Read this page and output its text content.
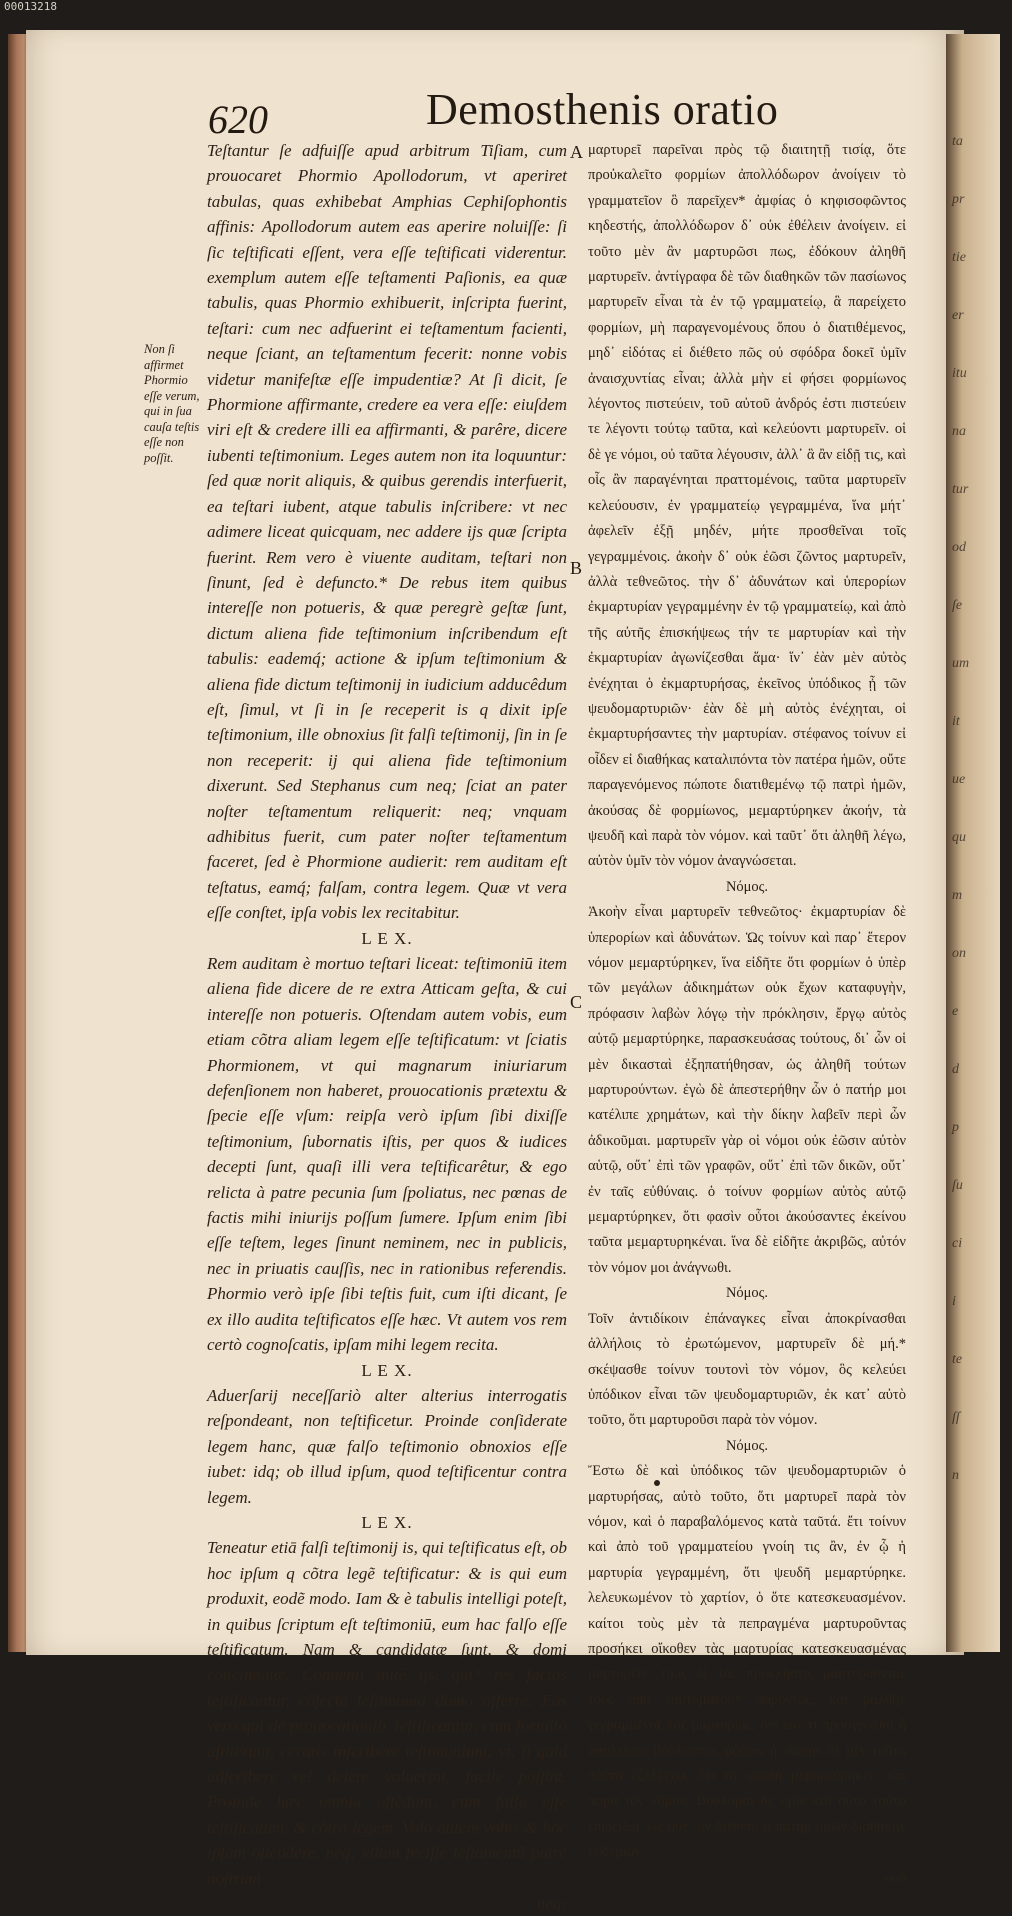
00013218
620	Demosthenis oratio
Non ſi affirmet Phormio eſſe verum, qui in ſua cauſa teſtis eſſe non poſſit.

Teſtantur ſe adfuiſſe apud arbitrum Tiſiam, cum prouocaret Phormio Apollodorum, vt aperiret tabulas, quas exhibebat Amphias Cephiſophontis affinis: Apollodorum autem eas aperire noluiſſe: ſi ſic teſtificati eſſent, vera eſſe teſtificati viderentur. exemplum autem eſſe teſtamenti Paſionis, ea quæ tabulis, quas Phormio exhibuerit, inſcripta fuerint, teſtari: cum nec adfuerint ei teſtamentum facienti, neque ſciant, an teſtamentum fecerit: nonne vobis videtur manifeſtæ eſſe impudentiæ? At ſi dicit, ſe Phormione affirmante, credere ea vera eſſe: eiuſdem viri eſt & credere illi ea affirmanti, & parêre, dicere iubenti teſtimonium. Leges autem non ita loquuntur: ſed quæ norit aliquis, & quibus gerendis interfuerit, ea teſtari iubent, atque tabulis inſcribere: vt nec adimere liceat quicquam, nec addere ijs quæ ſcripta fuerint. Rem vero è viuente auditam, teſtari non ſinunt, ſed è defuncto.* De rebus item quibus intereſſe non potueris, & quæ peregrè geſtæ ſunt, dictum aliena fide teſtimonium inſcribendum eſt tabulis: eademq́; actione & ipſum teſtimonium & aliena fide dictum teſtimonij in iudicium adducêdum eſt, ſimul, vt ſi in ſe receperit is q dixit ipſe teſtimonium, ille obnoxius ſit falſi teſtimonij, ſin in ſe non receperit: ij qui aliena fide teſtimonium dixerunt. Sed Stephanus cum neq; ſciat an pater noſter teſtamentum reliquerit: neq; vnquam adhibitus fuerit, cum pater noſter teſtamentum faceret, ſed è Phormione audierit: rem auditam eſt teſtatus, eamq́; falſam, contra legem. Quæ vt vera eſſe conſtet, ipſa vobis lex recitabitur.

L E X.

Rem auditam è mortuo teſtari liceat: teſtimoniū item aliena fide dicere de re extra Atticam geſta, & cui intereſſe non potueris. Oſtendam autem vobis, eum etiam cõtra aliam legem eſſe teſtificatum: vt ſciatis Phormionem, vt qui magnarum iniuriarum defenſionem non haberet, prouocationis prætextu & ſpecie eſſe vſum: reipſa verò ipſum ſibi dixiſſe teſtimonium, ſubornatis iſtis, per quos & iudices decepti ſunt, quaſi illi vera teſtificarêtur, & ego relicta à patre pecunia ſum ſpoliatus, nec pœnas de factis mihi iniurijs poſſum ſumere. Ipſum enim ſibi eſſe teſtem, leges ſinunt neminem, nec in publicis, nec in priuatis cauſſis, nec in rationibus referendis. Phormio verò ipſe ſibi teſtis fuit, cum iſti dicant, ſe ex illo audita teſtificatos eſſe hæc. Vt autem vos rem certò cognoſcatis, ipſam mihi legem recita.

L E X.

Aduerſarij neceſſariò alter alterius interrogatis reſpondeant, non teſtificetur. Proinde conſiderate legem hanc, quæ falſo teſtimonio obnoxios eſſe iubet: idq; ob illud ipſum, quod teſtificentur contra legem.

L E X.

Teneatur etiā falſi teſtimonij is, qui teſtificatus eſt, ob hoc ipſum q cõtra legẽ teſtificatur: & is qui eum produxit, eodẽ modo. Iam & è tabulis intelligi poteſt, in quibus ſcriptum eſt teſtimoniū, eum hac falſo eſſe teſtificatum. Nam & candidatæ ſunt, & domi concinnatæ. Conuenit autẽ ijs, qui* res factas teſtificantur, cõfecta teſtimonia domo afferre. Eos verò qui de prouocationib. teſtificantur, cum fortuitò aſtiterunt, ceratis inſcribere teſtimonium: vt, ſi quid adſcribere vel delere voluerint, facile poſſint. Proinde hæc omnia oſtẽdunt, eum falſa eſſe teſtificatum, & cõtra legem. Volo autem vobis & hoc ipſum oſtendere, neq; vllum feciſſe teſtamentū patrē noſtrum

neq;

A
B
C

μαρτυρεῖ παρεῖναι πρὸς τῷ διαιτητῇ τισίᾳ, ὅτε προὐκαλεῖτο φορμίων ἀπολλόδωρον ἀνοίγειν τὸ γραμματεῖον ὃ παρεῖχεν* ἀμφίας ὁ κηφισοφῶντος κηδεστής, ἀπολλόδωρον δ᾽ οὐκ ἐθέλειν ἀνοίγειν. εἰ τοῦτο μὲν ἂν μαρτυρῶσι πως, ἐδόκουν ἀληθῆ μαρτυρεῖν. ἀντίγραφα δὲ τῶν διαθηκῶν τῶν πασίωνος μαρτυρεῖν εἶναι τὰ ἐν τῷ γραμματείῳ, ἃ παρείχετο φορμίων, μὴ παραγενομένους ὅπου ὁ διατιθέμενος, μηδ᾽ εἰδότας εἰ διέθετο πῶς οὐ σφόδρα δοκεῖ ὑμῖν ἀναισχυντίας εἶναι; ἀλλὰ μὴν εἰ φήσει φορμίωνος λέγοντος πιστεύειν, τοῦ αὐτοῦ ἀνδρός ἐστι πιστεύειν τε λέγοντι τούτῳ ταῦτα, καὶ κελεύοντι μαρτυρεῖν. οἱ δὲ γε νόμοι, οὐ ταῦτα λέγουσιν, ἀλλ᾽ ἃ ἂν εἰδῇ τις, καὶ οἷς ἂν παραγένηται πραττομένοις, ταῦτα μαρτυρεῖν κελεύουσιν, ἐν γραμματείῳ γεγραμμένα, ἵνα μήτ᾽ ἀφελεῖν ἐξῇ μηδέν, μήτε προσθεῖναι τοῖς γεγραμμένοις. ἀκοὴν δ᾽ οὐκ ἐῶσι ζῶντος μαρτυρεῖν, ἀλλὰ τεθνεῶτος. τὴν δ᾽ ἀδυνάτων καὶ ὑπερορίων ἐκμαρτυρίαν γεγραμμένην ἐν τῷ γραμματείῳ, καὶ ἀπὸ τῆς αὐτῆς ἐπισκήψεως τήν τε μαρτυρίαν καὶ τὴν ἐκμαρτυρίαν ἀγωνίζεσθαι ἅμα· ἵν᾽ ἐὰν μὲν αὐτὸς ἐνέχηται ὁ ἐκμαρτυρήσας, ἐκεῖνος ὑπόδικος ᾖ τῶν ψευδομαρτυριῶν· ἐὰν δὲ μὴ αὐτὸς ἐνέχηται, οἱ ἐκμαρτυρήσαντες τὴν μαρτυρίαν. στέφανος τοίνυν εἰ οἶδεν εἰ διαθήκας καταλιπόντα τὸν πατέρα ἡμῶν, οὔτε παραγενόμενος πώποτε διατιθεμένῳ τῷ πατρὶ ἡμῶν, ἀκούσας δὲ φορμίωνος, μεμαρτύρηκεν ἀκοήν, τὰ ψευδῆ καὶ παρὰ τὸν νόμον. καὶ ταῦτ᾽ ὅτι ἀληθῆ λέγω, αὐτὸν ὑμῖν τὸν νόμον ἀναγνώσεται.

Νόμος.

Ἀκοὴν εἶναι μαρτυρεῖν τεθνεῶτος· ἐκμαρτυρίαν δὲ ὑπερορίων καὶ ἀδυνάτων. Ὡς τοίνυν καὶ παρ᾽ ἕτερον νόμον μεμαρτύρηκεν, ἵνα εἰδῆτε ὅτι φορμίων ὁ ὑπὲρ τῶν μεγάλων ἀδικημάτων οὐκ ἔχων καταφυγὴν, πρόφασιν λαβὼν λόγῳ τὴν πρόκλησιν, ἔργῳ αὐτὸς αὑτῷ μεμαρτύρηκε, παρασκευάσας τούτους, δι᾽ ὧν οἱ μὲν δικασταὶ ἐξηπατήθησαν, ὡς ἀληθῆ τούτων μαρτυρούντων. ἐγὼ δὲ ἀπεστερήθην ὧν ὁ πατήρ μοι κατέλιπε χρημάτων, καὶ τὴν δίκην λαβεῖν περὶ ὧν ἀδικοῦμαι. μαρτυρεῖν γὰρ οἱ νόμοι οὐκ ἐῶσιν αὐτὸν αὑτῷ, οὔτ᾽ ἐπὶ τῶν γραφῶν, οὔτ᾽ ἐπὶ τῶν δικῶν, οὔτ᾽ ἐν ταῖς εὐθύναις. ὁ τοίνυν φορμίων αὐτὸς αὑτῷ μεμαρτύρηκεν, ὅτι φασὶν οὗτοι ἀκούσαντες ἐκείνου ταῦτα μεμαρτυρηκέναι. ἵνα δὲ εἰδῆτε ἀκριβῶς, αὐτόν τὸν νόμον μοι ἀνάγνωθι.

Νόμος.

Τοῖν ἀντιδίκοιν ἐπάναγκες εἶναι ἀποκρίνασθαι ἀλλήλοις τὸ ἐρωτώμενον, μαρτυρεῖν δὲ μή.* σκέψασθε τοίνυν τουτονὶ τὸν νόμον, ὃς κελεύει ὑπόδικον εἶναι τῶν ψευδομαρτυριῶν, ἐκ κατ᾽ αὐτὸ τοῦτο, ὅτι μαρτυροῦσι παρὰ τὸν νόμον.

Νόμος.

Ἔστω δὲ καὶ ὑπόδικος τῶν ψευδομαρτυριῶν ὁ μαρτυρήσας, αὐτὸ τοῦτο, ὅτι μαρτυρεῖ παρὰ τὸν νόμον, καὶ ὁ παραβαλόμενος κατὰ ταῦτά. ἔτι τοίνυν καὶ ἀπὸ τοῦ γραμματείου γνοίη τις ἂν, ἐν ᾧ ἡ μαρτυρία γεγραμμένη, ὅτι ψευδῆ μεμαρτύρηκε. λελευκωμένον τὸ χαρτίον, ὁ ὅτε κατεσκευασμένον. καίτοι τοὺς μὲν τὰ πεπραγμένα μαρτυροῦντας προσήκει οἴκοθεν τὰς μαρτυρίας κατεσκευασμένας μαρτυρεῖν. τοὺς δὲ τὰς προκλήσεις μαρτυροῦντας τοὺς ἀπὸ ταὐτομάτου* παρόντας, καὶ μαλθὴν γεγραμμένας τὰς μαρτυρίας, ἵνα ἐάν τι προσγράψαι ἢ ἀπαλεῖψαι βούλωνται, ῥᾴδιον ᾖ. ἀκοὴν δὲ μὲν ταῦτα πάντα ἐξελέγχει, ὅτι τὰ ψευδῆ μεμαρτύρηκεν, καὶ παρὰ τὸν νόμον. Βούλομαι δὲ ὑμῖν καὶ αὐτὸ τοῦτο ἐπιδεῖξαι, ὡς οὐτ᾽ ἂν διέθετο ὁ πατὴρ ἡμῶν διαθήκην οὐδεμίαν

οὐδ

ta
pr
tie
er
itu
na
tur
od
ſe
um
it
ue
qu
m
on
e
d
p
ſu
ci
i
te
ſſ
n
